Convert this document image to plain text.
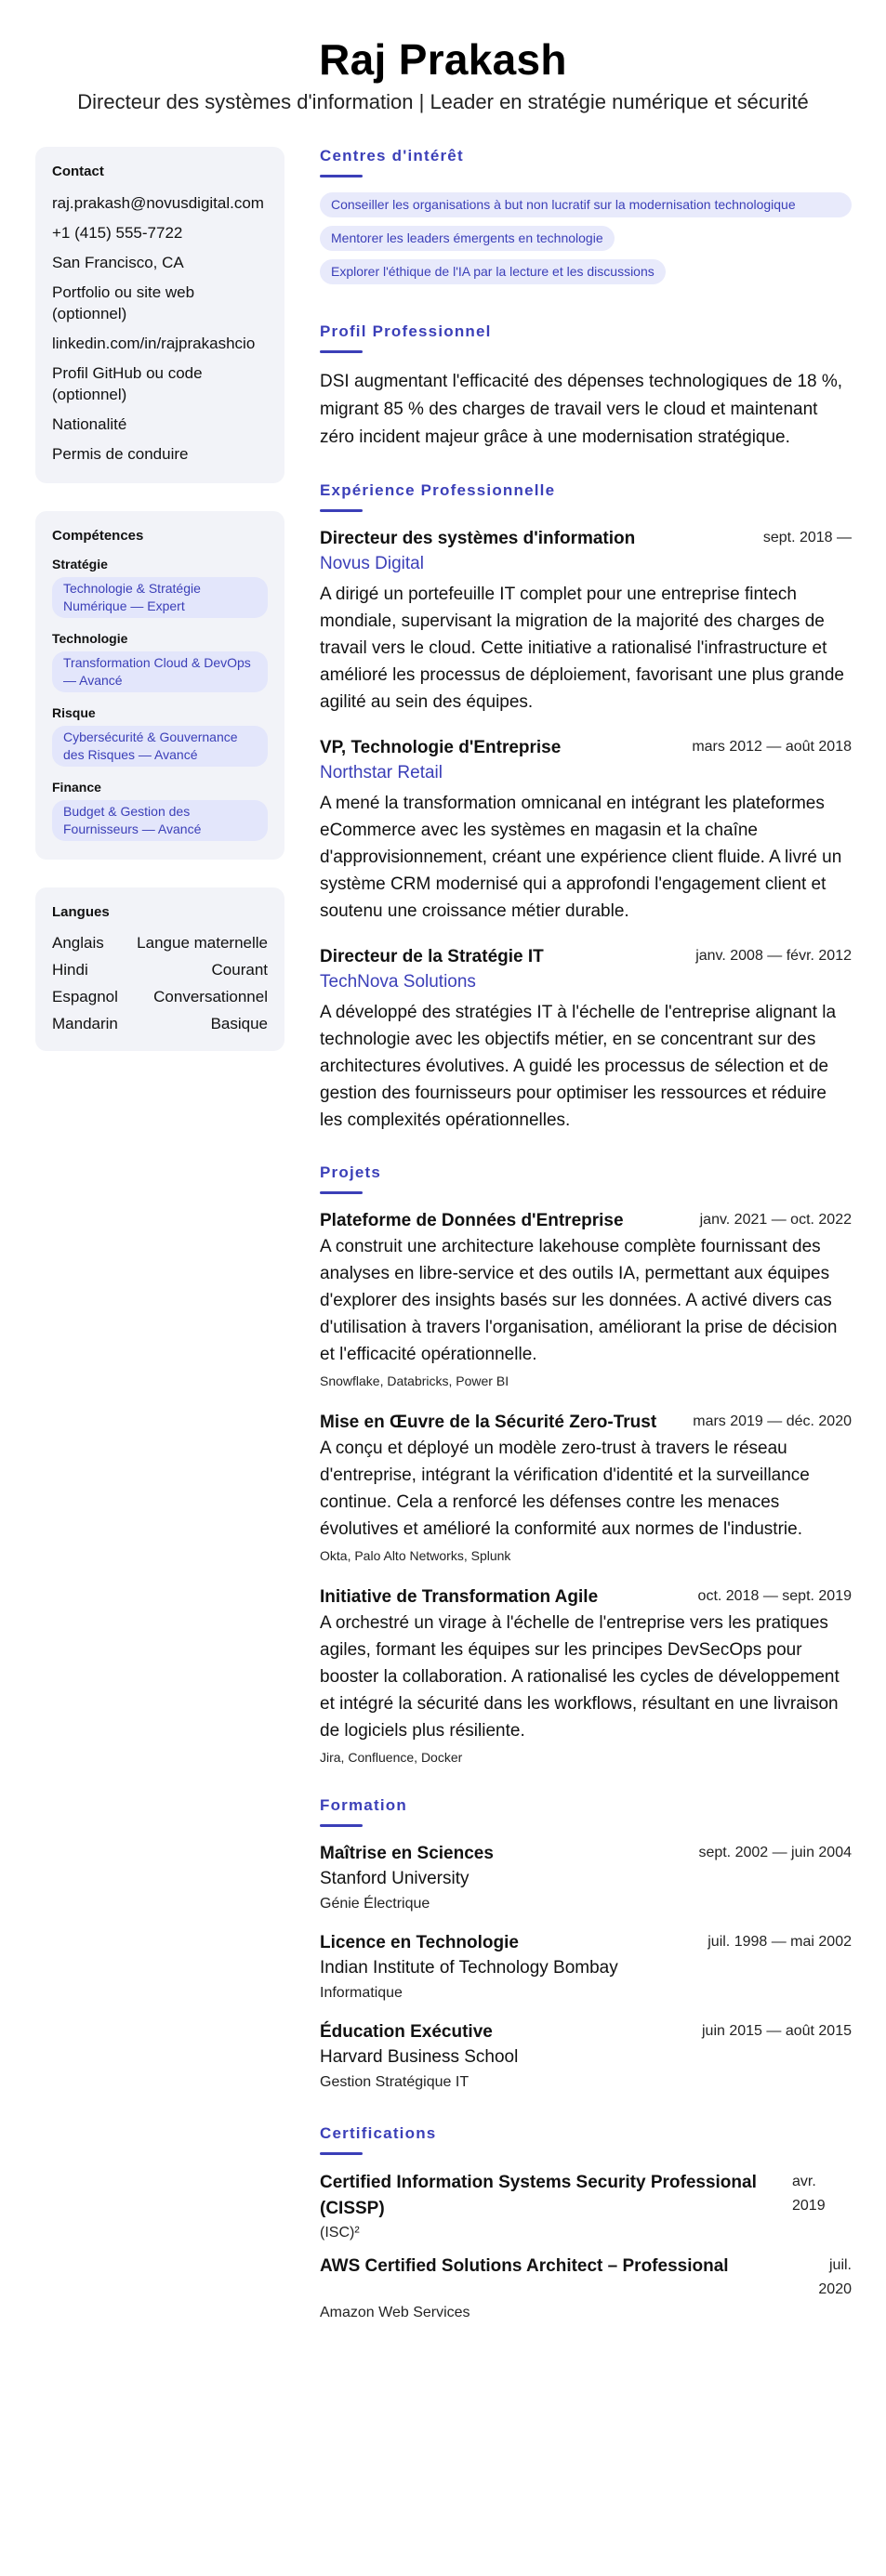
Raj Prakash
Directeur des systèmes d'information | Leader en stratégie numérique et sécurité
Contact
raj.prakash@novusdigital.com
+1 (415) 555-7722
San Francisco, CA
Portfolio ou site web (optionnel)
linkedin.com/in/rajprakashcio
Profil GitHub ou code (optionnel)
Nationalité
Permis de conduire
Compétences
Stratégie
Technologie & Stratégie Numérique — Expert
Technologie
Transformation Cloud & DevOps — Avancé
Risque
Cybersécurité & Gouvernance des Risques — Avancé
Finance
Budget & Gestion des Fournisseurs — Avancé
Langues
Anglais Langue maternelle
Hindi	Courant
Espagnol Conversationnel
Mandarin	Basique
Centres d'intérêt
Conseiller les organisations à but non lucratif sur la modernisation technologique
Mentorer les leaders émergents en technologie
Explorer l'éthique de l'IA par la lecture et les discussions
Profil Professionnel

DSI augmentant l'efficacité des dépenses technologiques de 18 %, migrant 85 % des charges de travail vers le cloud et maintenant zéro incident majeur grâce à une modernisation stratégique.

Expérience Professionnelle
Directeur des systèmes d'information	sept. 2018 —
Novus Digital

A dirigé un portefeuille IT complet pour une entreprise fintech mondiale, supervisant la migration de la majorité des charges de travail vers le cloud. Cette initiative a rationalisé l'infrastructure et amélioré les processus de déploiement, favorisant une plus grande agilité au sein des équipes.

VP, Technologie d'Entreprise	mars 2012 — août 2018
Northstar Retail

A mené la transformation omnicanal en intégrant les plateformes eCommerce avec les systèmes en magasin et la chaîne d'approvisionnement, créant une expérience client fluide. A livré un système CRM modernisé qui a approfondi l'engagement client et soutenu une croissance métier durable.

Directeur de la Stratégie IT	janv. 2008 — févr. 2012
TechNova Solutions

A développé des stratégies IT à l'échelle de l'entreprise alignant la technologie avec les objectifs métier, en se concentrant sur des architectures évolutives. A guidé les processus de sélection et de gestion des fournisseurs pour optimiser les ressources et réduire les complexités opérationnelles.

Projets
Plateforme de Données d'Entreprise	janv. 2021 — oct. 2022

A construit une architecture lakehouse complète fournissant des analyses en libre-service et des outils IA, permettant aux équipes d'explorer des insights basés sur les données. A activé divers cas d'utilisation à travers l'organisation, améliorant la prise de décision et l'efficacité opérationnelle.

Snowflake, Databricks, Power BI
Mise en Œuvre de la Sécurité Zero-Trust	mars 2019 — déc. 2020

A conçu et déployé un modèle zero-trust à travers le réseau d'entreprise, intégrant la vérification d'identité et la surveillance continue. Cela a renforcé les défenses contre les menaces évolutives et amélioré la conformité aux normes de l'industrie.

Okta, Palo Alto Networks, Splunk
Initiative de Transformation Agile	oct. 2018 — sept. 2019

A orchestré un virage à l'échelle de l'entreprise vers les pratiques agiles, formant les équipes sur les principes DevSecOps pour booster la collaboration. A rationalisé les cycles de développement et intégré la sécurité dans les workflows, résultant en une livraison de logiciels plus résiliente.

Jira, Confluence, Docker
Formation
Maîtrise en Sciences	sept. 2002 — juin 2004
Stanford University
Génie Électrique
Licence en Technologie	juil. 1998 — mai 2002
Indian Institute of Technology Bombay
Informatique
Éducation Exécutive	juin 2015 — août 2015
Harvard Business School
Gestion Stratégique IT
Certifications
Certified Information Systems Security Professional (CISSP)
avr. 2019
(ISC)²
AWS Certified Solutions Architect – Professional	juil. 2020
Amazon Web Services
